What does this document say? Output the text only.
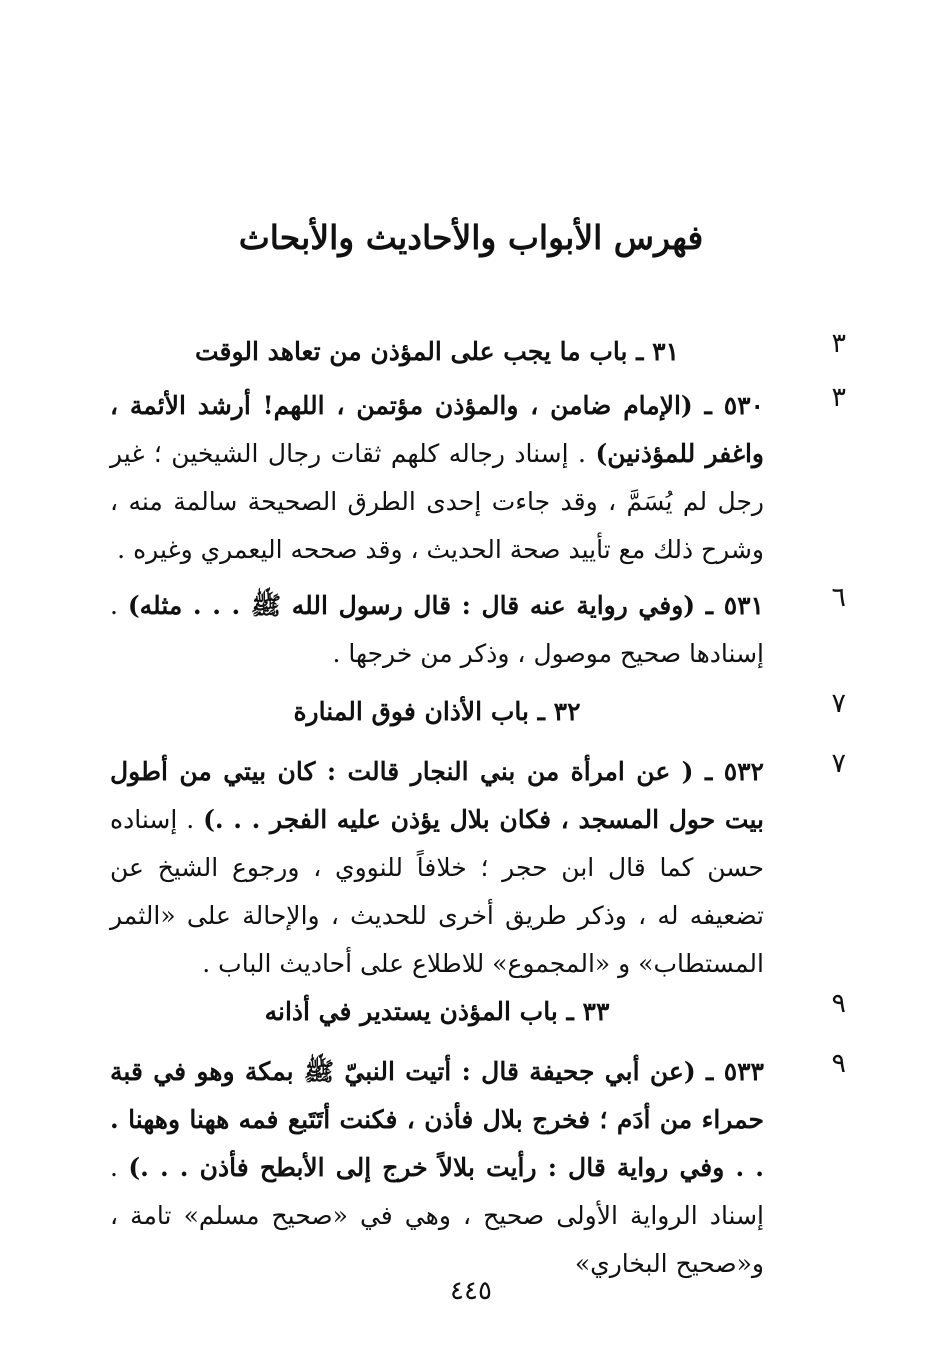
فهرس الأبواب والأحاديث والأبحاث
٣
٣١ ـ باب ما يجب على المؤذن من تعاهد الوقت
٣
٥٣٠ ـ (الإمام ضامن ، والمؤذن مؤتمن ، اللهم! أرشد الأئمة ، واغفر للمؤذنين) . إسناد رجاله كلهم ثقات رجال الشيخين ؛ غير رجل لم يُسَمَّ ، وقد جاءت إحدى الطرق الصحيحة سالمة منه ، وشرح ذلك مع تأييد صحة الحديث ، وقد صححه اليعمري وغيره .
٦
٥٣١ ـ (وفي رواية عنه قال : قال رسول الله ﷺ . . . مثله) . إسنادها صحيح موصول ، وذكر من خرجها .
٧
٣٢ ـ باب الأذان فوق المنارة
٧
٥٣٢ ـ ( عن امرأة من بني النجار قالت : كان بيتي من أطول بيت حول المسجد ، فكان بلال يؤذن عليه الفجر . . .) . إسناده حسن كما قال ابن حجر ؛ خلافاً للنووي ، ورجوع الشيخ عن تضعيفه له ، وذكر طريق أخرى للحديث ، والإحالة على «الثمر المستطاب» و «المجموع» للاطلاع على أحاديث الباب .
٩
٣٣ ـ باب المؤذن يستدير في أذانه
٩
٥٣٣ ـ (عن أبي جحيفة قال : أتيت النبيّ ﷺ بمكة وهو في قبة حمراء من أدَم ؛ فخرج بلال فأذن ، فكنت أتَتَبع فمه ههنا وههنا . . . وفي رواية قال : رأيت بلالاً خرج إلى الأبطح فأذن . . .) . إسناد الرواية الأولى صحيح ، وهي في «صحيح مسلم» تامة ، و«صحيح البخاري»
٤٤٥
